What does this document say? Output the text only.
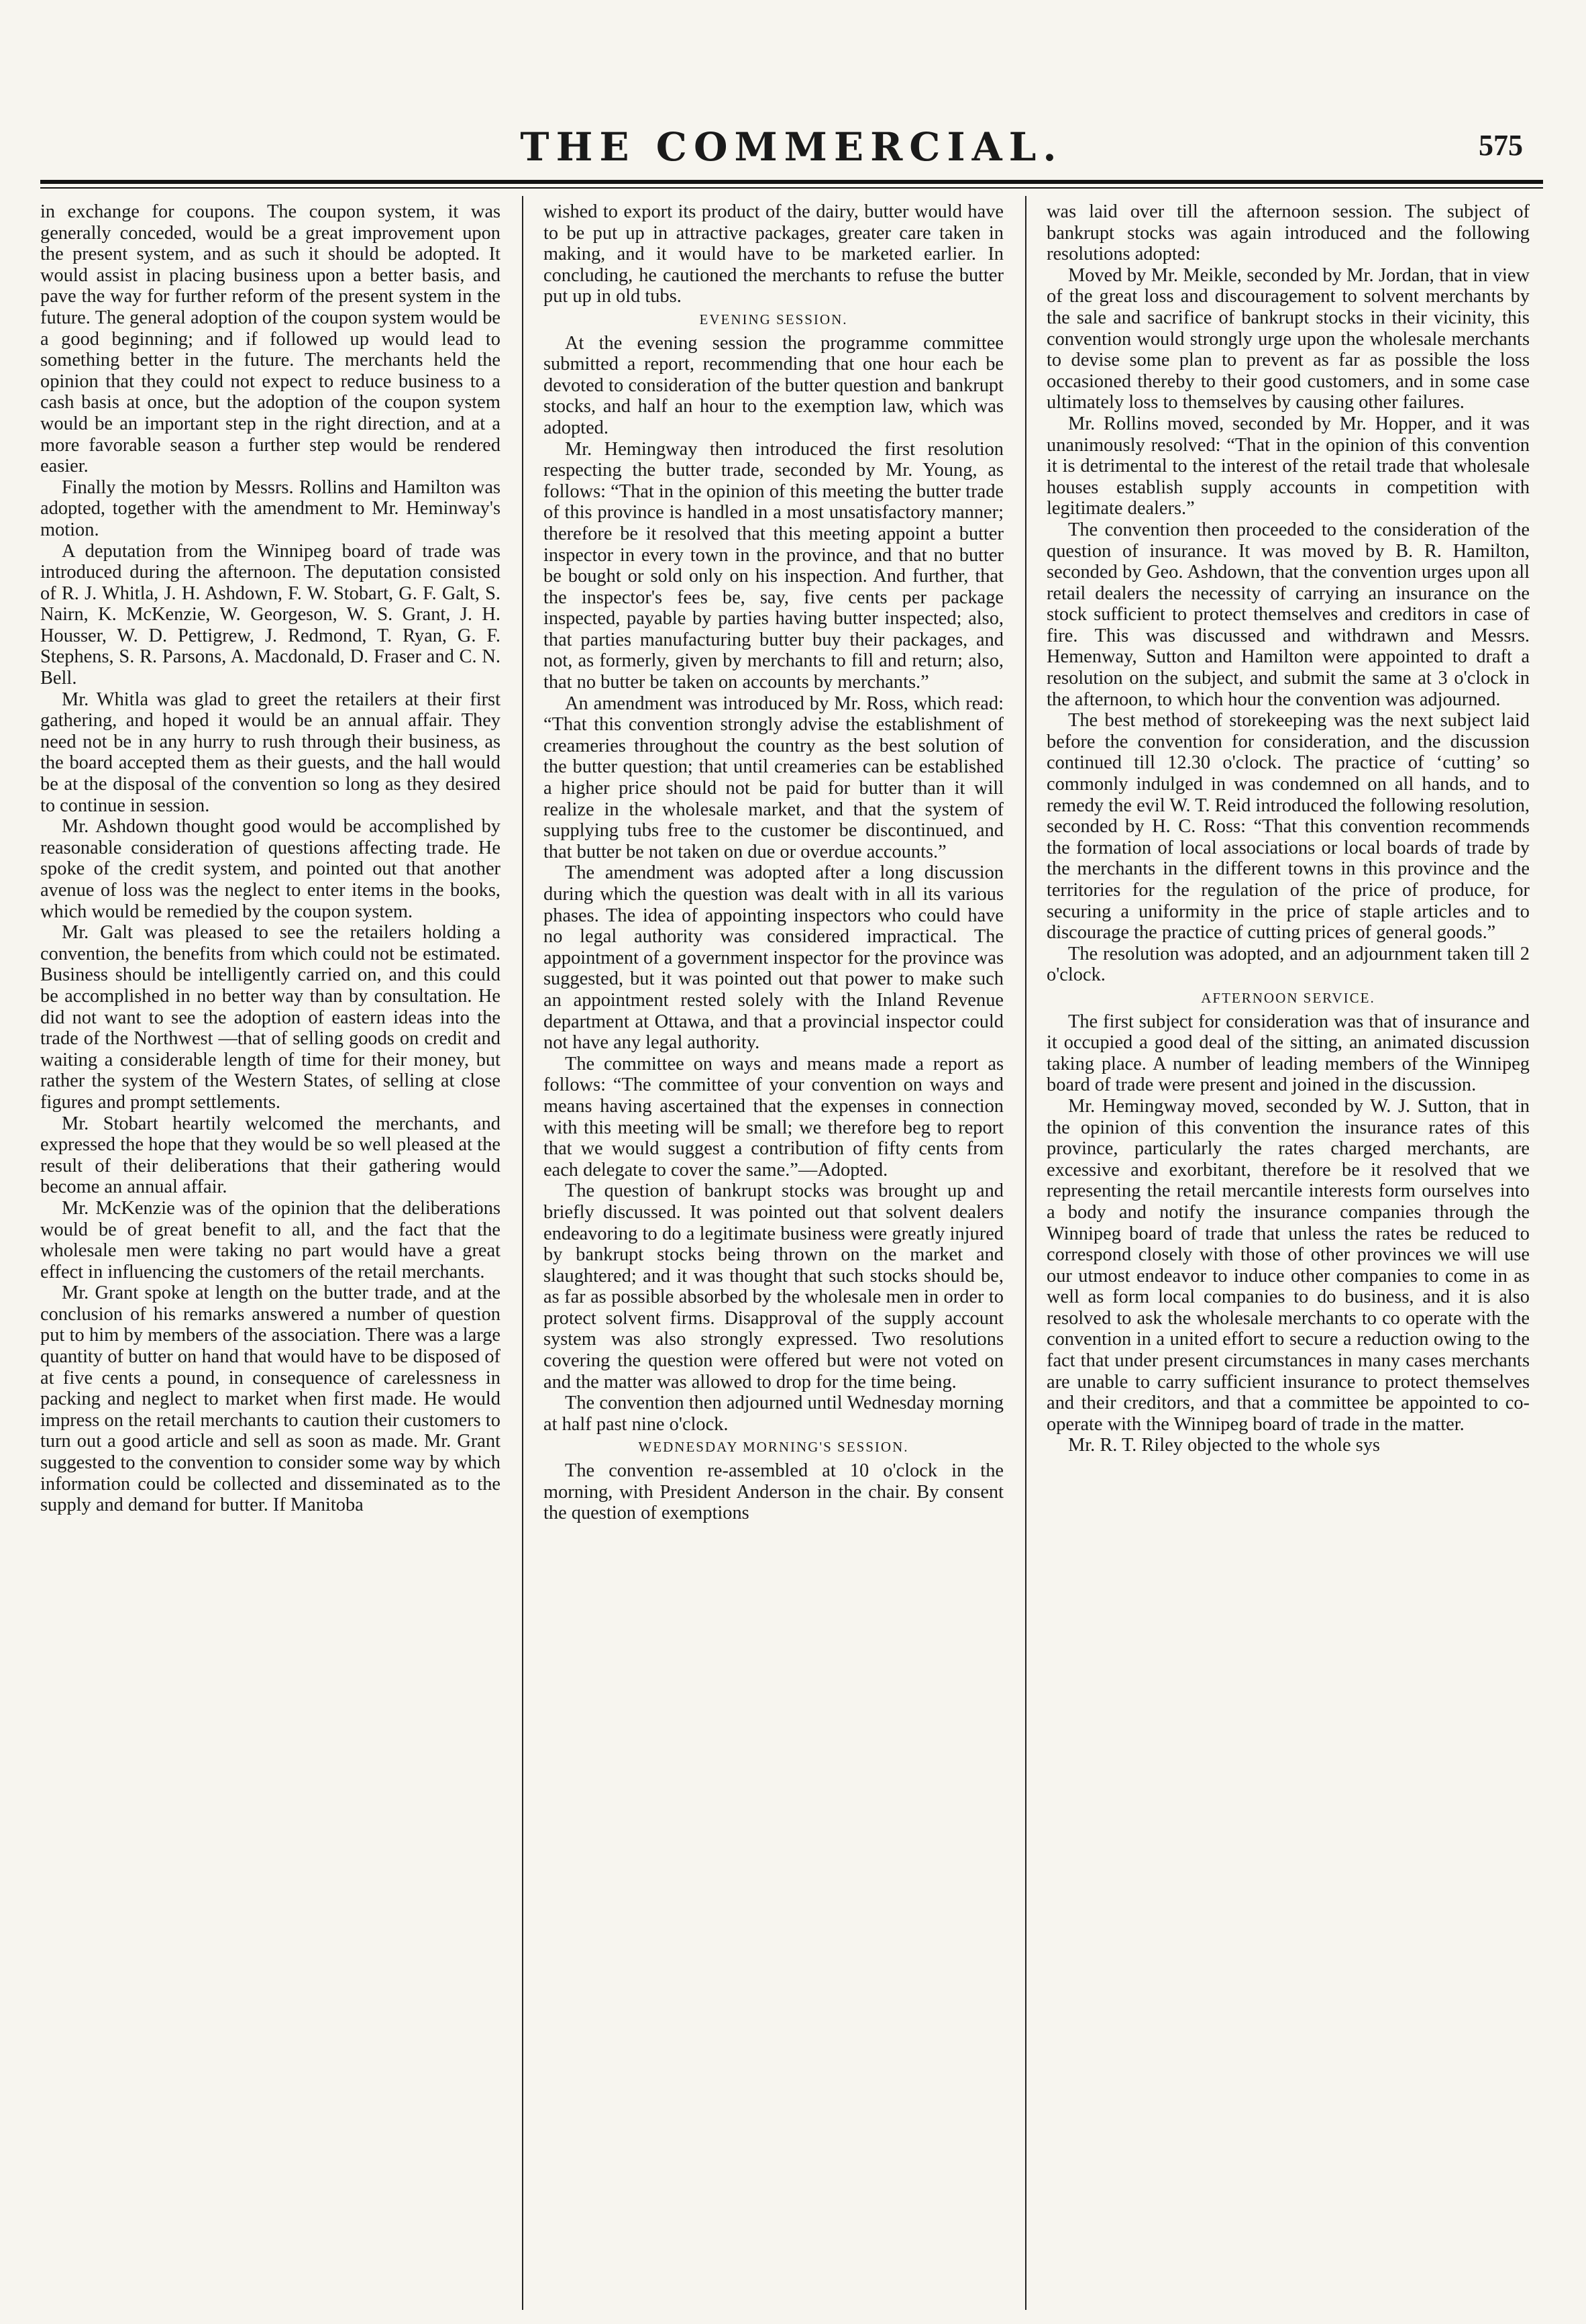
THE COMMERCIAL.	575

in exchange for coupons. The coupon system, it was generally conceded, would be a great improvement upon the present system, and as such it should be adopted. It would assist in placing business upon a better basis, and pave the way for further reform of the present system in the future. The general adoption of the coupon system would be a good beginning; and if followed up would lead to something better in the future. The merchants held the opinion that they could not expect to reduce business to a cash basis at once, but the adoption of the coupon system would be an important step in the right direction, and at a more favorable season a further step would be rendered easier.

Finally the motion by Messrs. Rollins and Hamilton was adopted, together with the amendment to Mr. Heminway's motion.

A deputation from the Winnipeg board of trade was introduced during the afternoon. The deputation consisted of R. J. Whitla, J. H. Ashdown, F. W. Stobart, G. F. Galt, S. Nairn, K. McKenzie, W. Georgeson, W. S. Grant, J. H. Housser, W. D. Pettigrew, J. Redmond, T. Ryan, G. F. Stephens, S. R. Parsons, A. Macdonald, D. Fraser and C. N. Bell.

Mr. Whitla was glad to greet the retailers at their first gathering, and hoped it would be an annual affair. They need not be in any hurry to rush through their business, as the board accepted them as their guests, and the hall would be at the disposal of the convention so long as they desired to continue in session.

Mr. Ashdown thought good would be accomplished by reasonable consideration of questions affecting trade. He spoke of the credit system, and pointed out that another avenue of loss was the neglect to enter items in the books, which would be remedied by the coupon system.

Mr. Galt was pleased to see the retailers holding a convention, the benefits from which could not be estimated. Business should be intelligently carried on, and this could be accomplished in no better way than by consultation. He did not want to see the adoption of eastern ideas into the trade of the Northwest —that of selling goods on credit and waiting a considerable length of time for their money, but rather the system of the Western States, of selling at close figures and prompt settlements.

Mr. Stobart heartily welcomed the merchants, and expressed the hope that they would be so well pleased at the result of their deliberations that their gathering would become an annual affair.

Mr. McKenzie was of the opinion that the deliberations would be of great benefit to all, and the fact that the wholesale men were taking no part would have a great effect in influencing the customers of the retail merchants.

Mr. Grant spoke at length on the butter trade, and at the conclusion of his remarks answered a number of question put to him by members of the association. There was a large quantity of butter on hand that would have to be disposed of at five cents a pound, in consequence of carelessness in packing and neglect to market when first made. He would impress on the retail merchants to caution their customers to turn out a good article and sell as soon as made. Mr. Grant suggested to the convention to consider some way by which information could be collected and disseminated as to the supply and demand for butter. If Manitoba

wished to export its product of the dairy, butter would have to be put up in attractive packages, greater care taken in making, and it would have to be marketed earlier. In concluding, he cautioned the merchants to refuse the butter put up in old tubs.

EVENING SESSION.

At the evening session the programme committee submitted a report, recommending that one hour each be devoted to consideration of the butter question and bankrupt stocks, and half an hour to the exemption law, which was adopted.

Mr. Hemingway then introduced the first resolution respecting the butter trade, seconded by Mr. Young, as follows: “That in the opinion of this meeting the butter trade of this province is handled in a most unsatisfactory manner; therefore be it resolved that this meeting appoint a butter inspector in every town in the province, and that no butter be bought or sold only on his inspection. And further, that the inspector's fees be, say, five cents per package inspected, payable by parties having butter inspected; also, that parties manufacturing butter buy their packages, and not, as formerly, given by merchants to fill and return; also, that no butter be taken on accounts by merchants.”

An amendment was introduced by Mr. Ross, which read: “That this convention strongly advise the establishment of creameries throughout the country as the best solution of the butter question; that until creameries can be established a higher price should not be paid for butter than it will realize in the wholesale market, and that the system of supplying tubs free to the customer be discontinued, and that butter be not taken on due or overdue accounts.”

The amendment was adopted after a long discussion during which the question was dealt with in all its various phases. The idea of appointing inspectors who could have no legal authority was considered impractical. The appointment of a government inspector for the province was suggested, but it was pointed out that power to make such an appointment rested solely with the Inland Revenue department at Ottawa, and that a provincial inspector could not have any legal authority.

The committee on ways and means made a report as follows: “The committee of your convention on ways and means having ascertained that the expenses in connection with this meeting will be small; we therefore beg to report that we would suggest a contribution of fifty cents from each delegate to cover the same.”—Adopted.

The question of bankrupt stocks was brought up and briefly discussed. It was pointed out that solvent dealers endeavoring to do a legitimate business were greatly injured by bankrupt stocks being thrown on the market and slaughtered; and it was thought that such stocks should be, as far as possible absorbed by the wholesale men in order to protect solvent firms. Disapproval of the supply account system was also strongly expressed. Two resolutions covering the question were offered but were not voted on and the matter was allowed to drop for the time being.

The convention then adjourned until Wednesday morning at half past nine o'clock.

WEDNESDAY MORNING'S SESSION.

The convention re-assembled at 10 o'clock in the morning, with President Anderson in the chair. By consent the question of exemptions

was laid over till the afternoon session. The subject of bankrupt stocks was again introduced and the following resolutions adopted:

Moved by Mr. Meikle, seconded by Mr. Jordan, that in view of the great loss and discouragement to solvent merchants by the sale and sacrifice of bankrupt stocks in their vicinity, this convention would strongly urge upon the wholesale merchants to devise some plan to prevent as far as possible the loss occasioned thereby to their good customers, and in some case ultimately loss to themselves by causing other failures.

Mr. Rollins moved, seconded by Mr. Hopper, and it was unanimously resolved: “That in the opinion of this convention it is detrimental to the interest of the retail trade that wholesale houses establish supply accounts in competition with legitimate dealers.”

The convention then proceeded to the consideration of the question of insurance. It was moved by B. R. Hamilton, seconded by Geo. Ashdown, that the convention urges upon all retail dealers the necessity of carrying an insurance on the stock sufficient to protect themselves and creditors in case of fire. This was discussed and withdrawn and Messrs. Hemenway, Sutton and Hamilton were appointed to draft a resolution on the subject, and submit the same at 3 o'clock in the afternoon, to which hour the convention was adjourned.

The best method of storekeeping was the next subject laid before the convention for consideration, and the discussion continued till 12.30 o'clock. The practice of ‘cutting’ so commonly indulged in was condemned on all hands, and to remedy the evil W. T. Reid introduced the following resolution, seconded by H. C. Ross: “That this convention recommends the formation of local associations or local boards of trade by the merchants in the different towns in this province and the territories for the regulation of the price of produce, for securing a uniformity in the price of staple articles and to discourage the practice of cutting prices of general goods.”

The resolution was adopted, and an adjournment taken till 2 o'clock.

AFTERNOON SERVICE.

The first subject for consideration was that of insurance and it occupied a good deal of the sitting, an animated discussion taking place. A number of leading members of the Winnipeg board of trade were present and joined in the discussion.

Mr. Hemingway moved, seconded by W. J. Sutton, that in the opinion of this convention the insurance rates of this province, particularly the rates charged merchants, are excessive and exorbitant, therefore be it resolved that we representing the retail mercantile interests form ourselves into a body and notify the insurance companies through the Winnipeg board of trade that unless the rates be reduced to correspond closely with those of other provinces we will use our utmost endeavor to induce other companies to come in as well as form local companies to do business, and it is also resolved to ask the wholesale merchants to co operate with the convention in a united effort to secure a reduction owing to the fact that under present circumstances in many cases merchants are unable to carry sufficient insurance to protect themselves and their creditors, and that a committee be appointed to co-operate with the Winnipeg board of trade in the matter.

Mr. R. T. Riley objected to the whole sys
